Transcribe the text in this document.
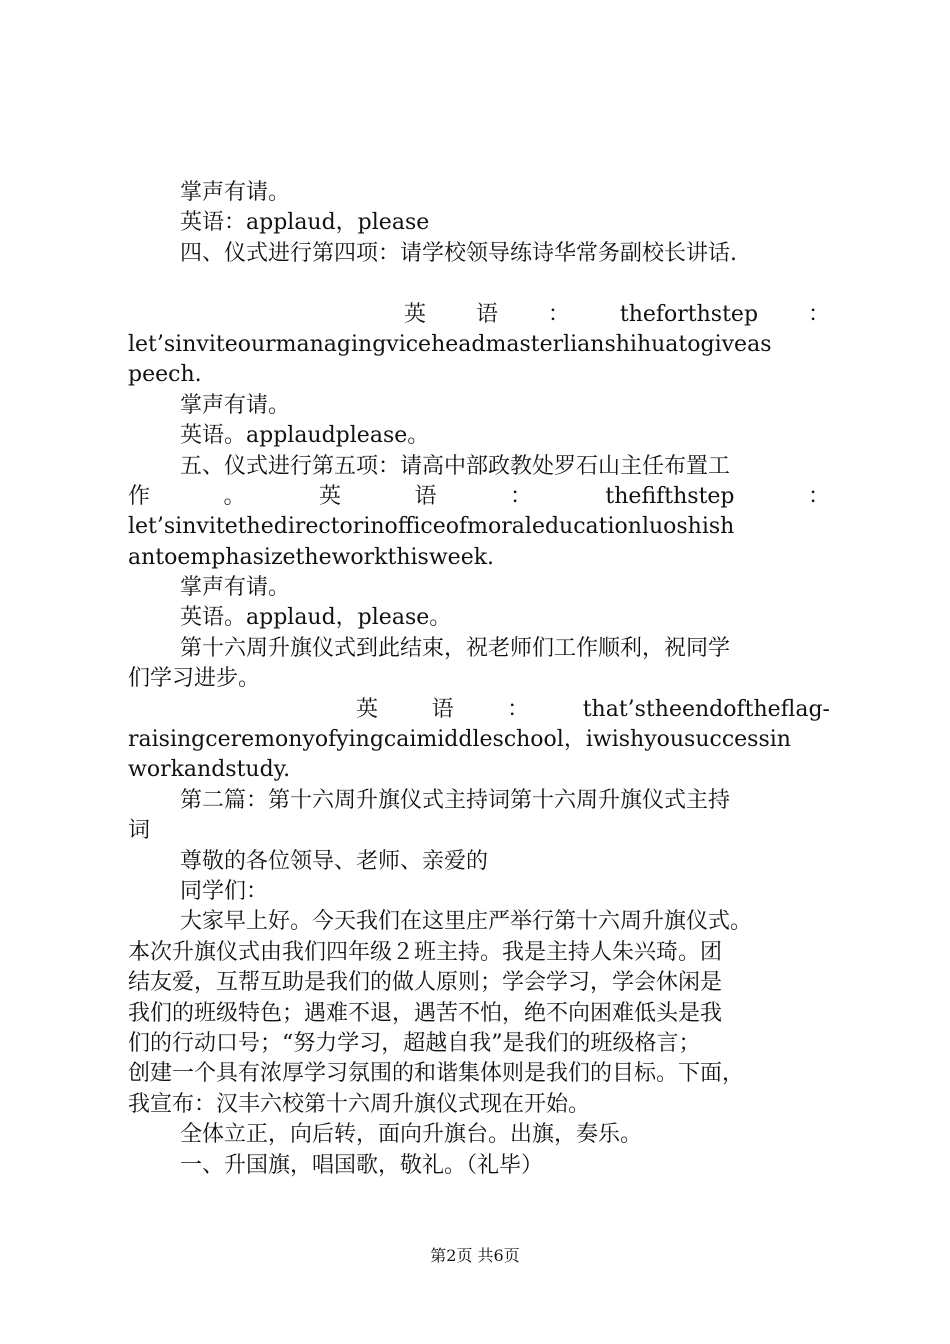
掌声有请。
英语：applaud，please
四、仪式进行第四项：请学校领导练诗华常务副校长讲话.
英 语 ： theforthstep ：
let’sinviteourmanagingviceheadmasterlianshihuatogiveas
peech.
掌声有请。
英语。applaudplease。
五、仪式进行第五项：请高中部政教处罗石山主任布置工
作	。	英	语	：	thefifthstep	：
let’sinvitethedirectorinofficeofmoraleducationluoshish
antoemphasizetheworkthisweek.
掌声有请。
英语。applaud，please。
第十六周升旗仪式到此结束，祝老师们工作顺利，祝同学
们学习进步。
英 语 ： that’stheendoftheflag-
raisingceremonyofyingcaimiddleschool，iwishyousuccessin
workandstudy.
第二篇：第十六周升旗仪式主持词第十六周升旗仪式主持
词
尊敬的各位领导、老师、亲爱的
同学们：
大家早上好。今天我们在这里庄严举行第十六周升旗仪式。
本次升旗仪式由我们四年级２班主持。我是主持人朱兴琦。团
结友爱，互帮互助是我们的做人原则；学会学习，学会休闲是
我们的班级特色；遇难不退，遇苦不怕，绝不向困难低头是我
们的行动口号；“努力学习，超越自我”是我们的班级格言；
创建一个具有浓厚学习氛围的和谐集体则是我们的目标。下面，
我宣布：汉丰六校第十六周升旗仪式现在开始。
全体立正，向后转，面向升旗台。出旗，奏乐。
一、升国旗，唱国歌，敬礼。（礼毕）
第2页 共6页
